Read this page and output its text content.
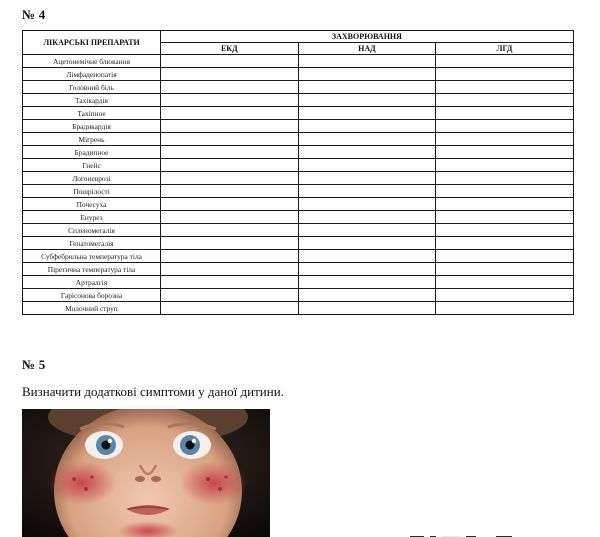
№ 4
ЛІКАРСЬКІ ПРЕПАРАТИ	ЗАХВОРЮВАННЯ		
	ЕКД	НАД	ЛГД
Ацетонемічне блювання			
Лімфаденопатія			
Головний біль			
Тахікардія			
Тахіпное			
Брадикардія			
Мігрень			
Брадипное			
Гнейс			
Логоневрозі			
Пошрілості			
Почесуха			
Енурез			
Спленомегалія			
Гепатомегалія			
Субфебрильна температура тіла			
Піретична температура тіла			
Артралгія			
Гарісонова борозна			
Молочний струп			
№ 5
Визначити додаткові симптоми у даної дитини.
